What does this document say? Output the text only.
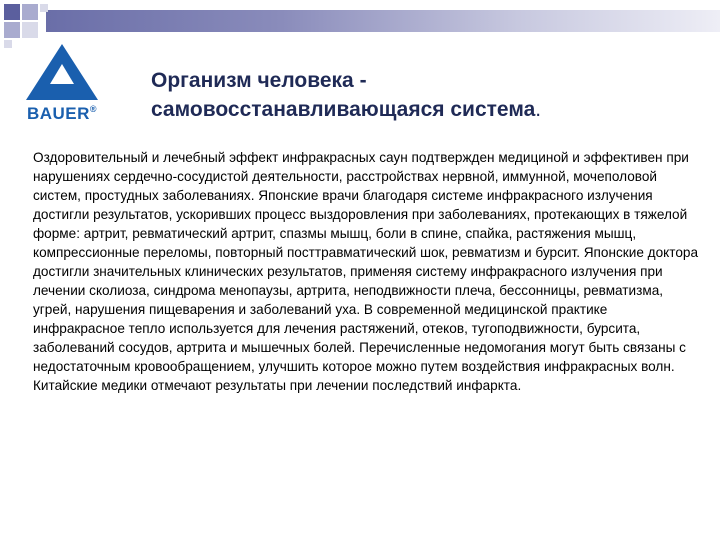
BAUER®
Организм человека -
самовосстанавливающаяся система.
Оздоровительный и лечебный эффект инфракрасных саун подтвержден медициной и эффективен при нарушениях сердечно-сосудистой деятельности, расстройствах нервной, иммунной, мочеполовой систем, простудных заболеваниях. Японские врачи благодаря системе инфракрасного излучения достигли результатов, ускоривших процесс выздоровления при заболеваниях, протекающих в тяжелой форме: артрит, ревматический артрит, спазмы мышц, боли в спине, спайка, растяжения мышц, компрессионные переломы, повторный посттравматический шок, ревматизм и бурсит. Японские доктора достигли значительных клинических результатов, применяя систему инфракрасного излучения при лечении сколиоза, синдрома менопаузы, артрита, неподвижности плеча, бессонницы, ревматизма, угрей, нарушения пищеварения и заболеваний уха. В современной медицинской практике инфракрасное тепло используется для лечения растяжений, отеков, тугоподвижности, бурсита, заболеваний сосудов, артрита и мышечных болей. Перечисленные недомогания могут быть связаны с недостаточным кровообращением, улучшить которое можно путем воздействия инфракрасных волн. Китайские медики отмечают результаты при лечении последствий инфаркта.
